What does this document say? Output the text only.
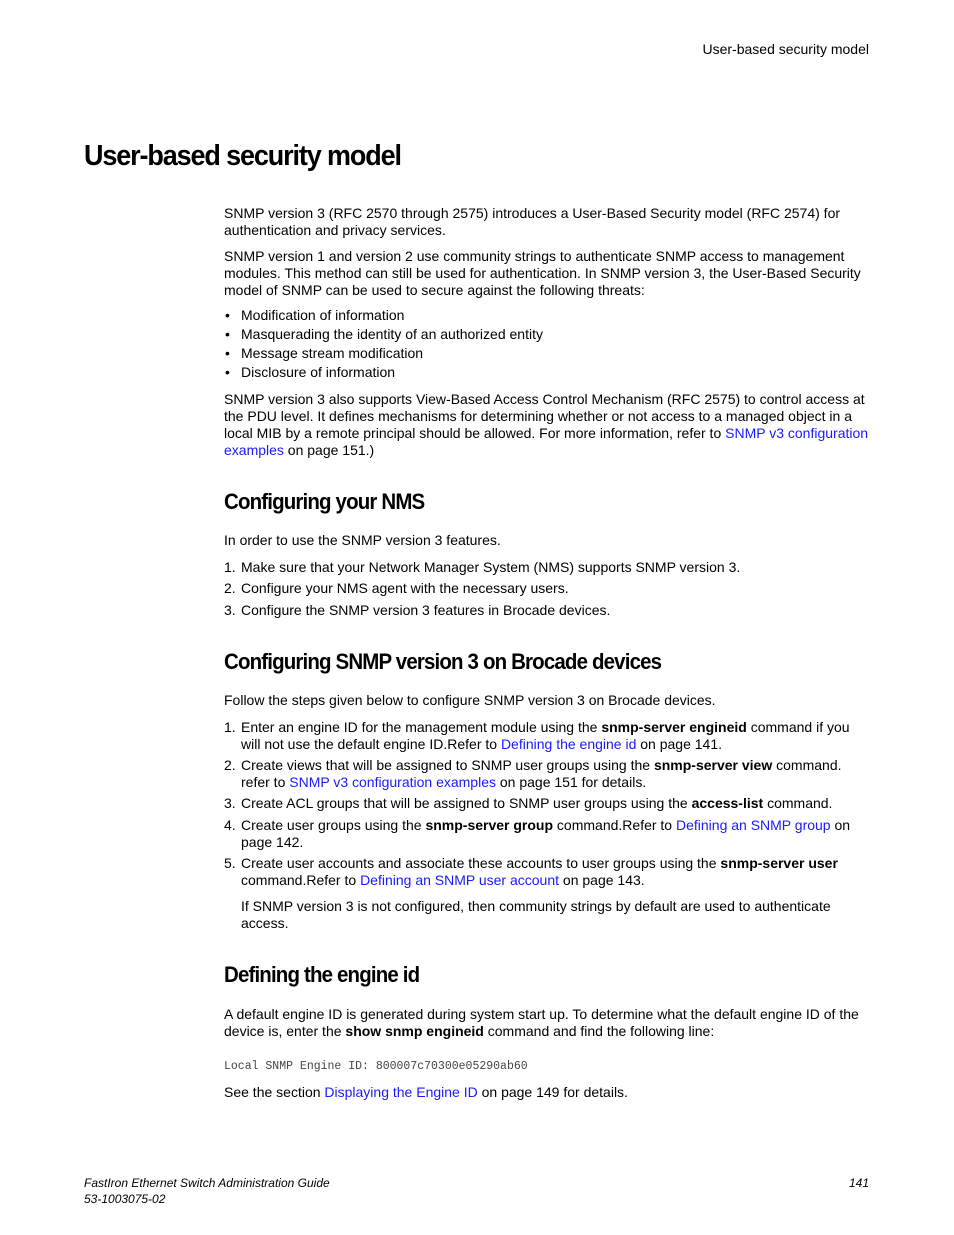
User-based security model
User-based security model

SNMP version 3 (RFC 2570 through 2575) introduces a User-Based Security model (RFC 2574) for authentication and privacy services.

SNMP version 1 and version 2 use community strings to authenticate SNMP access to management modules. This method can still be used for authentication. In SNMP version 3, the User-Based Security model of SNMP can be used to secure against the following threats:

• Modification of information
• Masquerading the identity of an authorized entity
• Message stream modification
• Disclosure of information

SNMP version 3 also supports View-Based Access Control Mechanism (RFC 2575) to control access at the PDU level. It defines mechanisms for determining whether or not access to a managed object in a local MIB by a remote principal should be allowed. For more information, refer to SNMP v3 configuration examples on page 151.)

Configuring your NMS

In order to use the SNMP version 3 features.

1. Make sure that your Network Manager System (NMS) supports SNMP version 3.
2. Configure your NMS agent with the necessary users.
3. Configure the SNMP version 3 features in Brocade devices.
Configuring SNMP version 3 on Brocade devices

Follow the steps given below to configure SNMP version 3 on Brocade devices.

1. Enter an engine ID for the management module using the snmp-server engineid command if you will not use the default engine ID.Refer to Defining the engine id on page 141.
2. Create views that will be assigned to SNMP user groups using the snmp-server view command. refer to SNMP v3 configuration examples on page 151 for details.
3. Create ACL groups that will be assigned to SNMP user groups using the access-list command.
4. Create user groups using the snmp-server group command.Refer to Defining an SNMP group on page 142.
5. Create user accounts and associate these accounts to user groups using the snmp-server user command.Refer to Defining an SNMP user account on page 143.

If SNMP version 3 is not configured, then community strings by default are used to authenticate access.

Defining the engine id

A default engine ID is generated during system start up. To determine what the default engine ID of the device is, enter the show snmp engineid command and find the following line:

Local SNMP Engine ID: 800007c70300e05290ab60

See the section Displaying the Engine ID on page 149 for details.

FastIron Ethernet Switch Administration Guide
53-1003075-02
141
